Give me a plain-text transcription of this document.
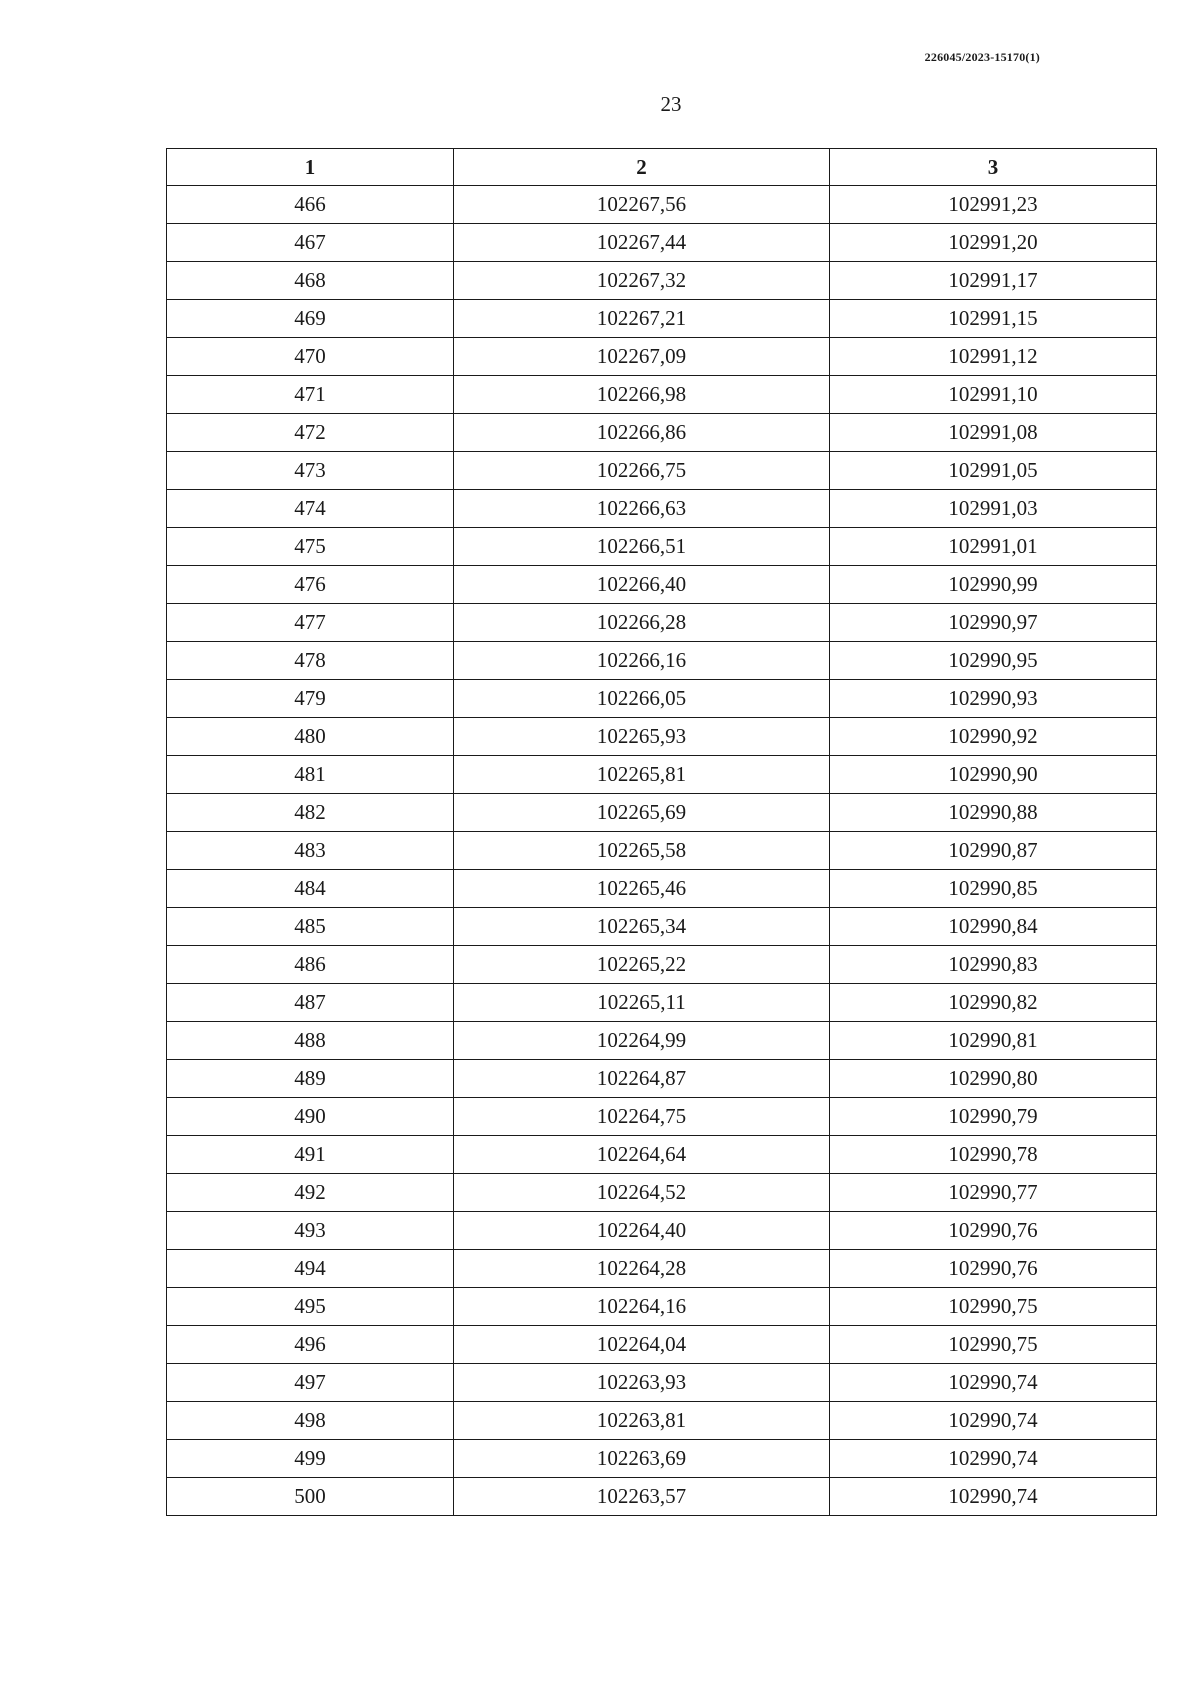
226045/2023-15170(1)
23
1	2	3
466	102267,56	102991,23
467	102267,44	102991,20
468	102267,32	102991,17
469	102267,21	102991,15
470	102267,09	102991,12
471	102266,98	102991,10
472	102266,86	102991,08
473	102266,75	102991,05
474	102266,63	102991,03
475	102266,51	102991,01
476	102266,40	102990,99
477	102266,28	102990,97
478	102266,16	102990,95
479	102266,05	102990,93
480	102265,93	102990,92
481	102265,81	102990,90
482	102265,69	102990,88
483	102265,58	102990,87
484	102265,46	102990,85
485	102265,34	102990,84
486	102265,22	102990,83
487	102265,11	102990,82
488	102264,99	102990,81
489	102264,87	102990,80
490	102264,75	102990,79
491	102264,64	102990,78
492	102264,52	102990,77
493	102264,40	102990,76
494	102264,28	102990,76
495	102264,16	102990,75
496	102264,04	102990,75
497	102263,93	102990,74
498	102263,81	102990,74
499	102263,69	102990,74
500	102263,57	102990,74
